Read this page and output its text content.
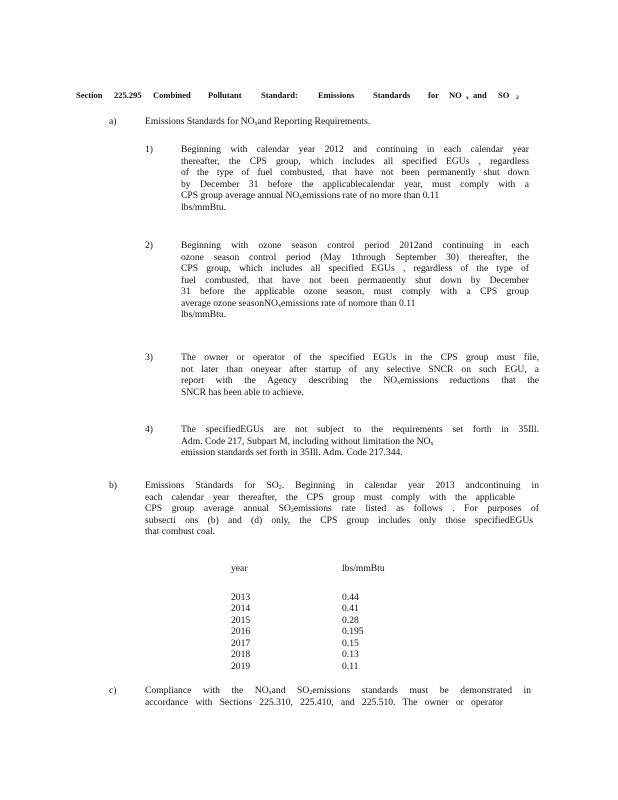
Section 225.295 Combined Pollutant Standard: Emissions Standards for NO x and SO 2
a)	Emissions Standards for $NO_xand$ Reporting Requirements.
1)	Beginning with calendar year 2012 and continuing in each calendar year
thereafter, the CPS group, which includes all specified EGUs , regardless
of the type of fuel combusted, that have not been permanently shut down
by December 31 before the applicablecalendar year, must comply with a
CPS group average annual $NO_xemissions$ rate of no more than 0.11
lbs/mmBtu.
2)	Beginning with ozone season control period 2012and continuing in each
ozone season control period (May 1through September 30) thereafter, the
CPS group, which includes all specified EGUs , regardless of the type of
fuel combusted, that have not been permanently shut down by December
31 before the applicable ozone season, must comply with a CPS group
average ozone seasonNO$_x$emissions rate of nomore than 0.11
lbs/mmBtu.
3)	The owner or operator of the specified EGUs in the CPS group must file,
not later than oneyear after startup of any selective SNCR on such EGU, a
report with the Agency describing the $NO_xemissions$ reductions that the
SNCR has been able to achieve.
4)	The specifiedEGUs are not subject to the requirements set forth in 35Ill.
Adm. Code 217, Subpart M, including without limitation the $NO_x$
emission standards set forth in 35Ill. Adm. Code 217.344.
b)	Emissions Standards for $SO_2$. Beginning in calendar year 2013 andcontinuing in
each calendar year thereafter, the CPS group must comply with the applicable
CPS group average annual $SO_2emissions$ rate listed as follows . For purposes of
subsecti ons (b) and (d) only, the CPS group includes only those specifiedEGUs
that combust coal.
year	lbs/mmBtu
2013	0.44
2014	0.41
2015	0.28
2016	0.195
2017	0.15
2018	0.13
2019	0.11
c)	Compliance with the $NO_xand$ $SO_2emissions$ standards must be demonstrated in
accordance with Sections 225.310, 225.410, and 225.510. The owner or operator
